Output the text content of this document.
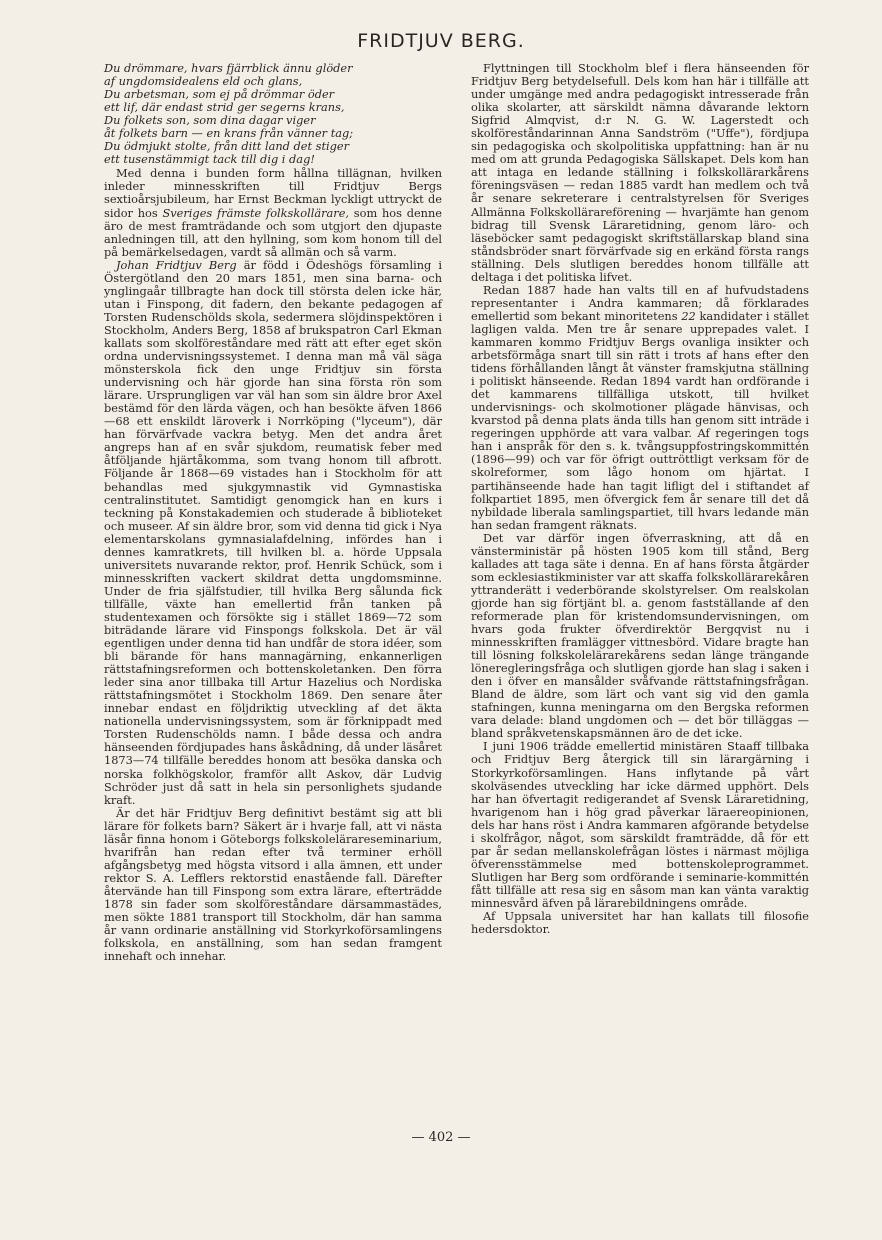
FRIDTJUV BERG.
Du drömmare, hvars fjärrblick ännu glöder
af ungdomsidealens eld och glans,
Du arbetsman, som ej på drömmar öder
ett lif, där endast strid ger segerns krans,
Du folkets son, som dina dagar viger
åt folkets barn — en krans från vänner tag;
Du ödmjukt stolte, från ditt land det stiger
ett tusenstämmigt tack till dig i dag!

Med denna i bunden form hållna tillägnan, hvilken inleder minnesskriften till Fridtjuv Bergs sextioårsjubileum, har Ernst Beckman lyckligt uttryckt de sidor hos Sveriges främste folkskollärare, som hos denne äro de mest framträdande och som utgjort den djupaste anledningen till, att den hyllning, som kom honom till del på bemärkelsedagen, vardt så allmän och så varm.

Johan Fridtjuv Berg är född i Ödeshögs församling i Östergötland den 20 mars 1851, men sina barna- och ynglingaår tillbragte han dock till största delen icke här, utan i Finspong, dit fadern, den bekante pedagogen af Torsten Rudenschölds skola, sedermera slöjdinspektören i Stockholm, Anders Berg, 1858 af brukspatron Carl Ekman kallats som skolföreståndare med rätt att efter eget skön ordna undervisningssystemet. I denna man må väl säga mönsterskola fick den unge Fridtjuv sin första undervisning och här gjorde han sina första rön som lärare. Ursprungligen var väl han som sin äldre bror Axel bestämd för den lärda vägen, och han besökte äfven 1866—68 ett enskildt läroverk i Norrköping ("lyceum"), där han förvärfvade vackra betyg. Men det andra året angreps han af en svår sjukdom, reumatisk feber med åtföljande hjärtåkomma, som tvang honom till afbrott. Följande år 1868—69 vistades han i Stockholm för att behandlas med sjukgymnastik vid Gymnastiska centralinstitutet. Samtidigt genomgick han en kurs i teckning på Konstakademien och studerade å biblioteket och museer. Af sin äldre bror, som vid denna tid gick i Nya elementarskolans gymnasialafdelning, infördes han i dennes kamratkrets, till hvilken bl. a. hörde Uppsala universitets nuvarande rektor, prof. Henrik Schück, som i minnesskriften vackert skildrat detta ungdomsminne. Under de fria själfstudier, till hvilka Berg sålunda fick tillfälle, växte han emellertid från tanken på studentexamen och försökte sig i stället 1869—72 som biträdande lärare vid Finspongs folkskola. Det är väl egentligen under denna tid han undfår de stora idéer, som bli bärande för hans mannagärning, enkannerligen rättstafningsreformen och bottenskoletanken. Den förra leder sina anor tillbaka till Artur Hazelius och Nordiska rättstafningsmötet i Stockholm 1869. Den senare åter innebar endast en följdriktig utveckling af det äkta nationella undervisningssystem, som är förknippadt med Torsten Rudenschölds namn. I både dessa och andra hänseenden fördjupades hans åskådning, då under läsåret 1873—74 tillfälle bereddes honom att besöka danska och norska folkhögskolor, framför allt Askov, där Ludvig Schröder just då satt in hela sin personlighets sjudande kraft.

Är det här Fridtjuv Berg definitivt bestämt sig att bli lärare för folkets barn? Säkert är i hvarje fall, att vi nästa läsår finna honom i Göteborgs folkskolelärareseminarium, hvarifrån han redan efter två terminer erhöll afgångsbetyg med högsta vitsord i alla ämnen, ett under rektor S. A. Lefflers rektorstid enastående fall. Därefter återvände han till Finspong som extra lärare, efterträdde 1878 sin fader som skolföreståndare därsammastädes, men sökte 1881 transport till Stockholm, där han samma år vann ordinarie anställning vid Storkyrkoförsamlingens folkskola, en anställning, som han sedan framgent innehaft och innehar.

Flyttningen till Stockholm blef i flera hänseenden för Fridtjuv Berg betydelsefull. Dels kom han här i tillfälle att under umgänge med andra pedagogiskt intresserade från olika skolarter, att särskildt nämna dåvarande lektorn Sigfrid Almqvist, d:r N. G. W. Lagerstedt och skolföreståndarinnan Anna Sandström ("Uffe"), fördjupa sin pedagogiska och skolpolitiska uppfattning: han är nu med om att grunda Pedagogiska Sällskapet. Dels kom han att intaga en ledande ställning i folkskollärarkårens föreningsväsen — redan 1885 vardt han medlem och två år senare sekreterare i centralstyrelsen för Sveriges Allmänna Folkskollärareförening — hvarjämte han genom bidrag till Svensk Läraretidning, genom läro- och läseböcker samt pedagogiskt skriftställarskap bland sina ståndsbröder snart förvärfvade sig en erkänd första rangs ställning. Dels slutligen bereddes honom tillfälle att deltaga i det politiska lifvet.

Redan 1887 hade han valts till en af hufvudstadens representanter i Andra kammaren; då förklarades emellertid som bekant minoritetens 22 kandidater i stället lagligen valda. Men tre år senare upprepades valet. I kammaren kommo Fridtjuv Bergs ovanliga insikter och arbetsförmåga snart till sin rätt i trots af hans efter den tidens förhållanden långt åt vänster framskjutna ställning i politiskt hänseende. Redan 1894 vardt han ordförande i det kammarens tillfälliga utskott, till hvilket undervisnings- och skolmotioner plägade hänvisas, och kvarstod på denna plats ända tills han genom sitt inträde i regeringen upphörde att vara valbar. Af regeringen togs han i anspråk för den s. k. tvångsuppfostringskommittén (1896—99) och var för öfrigt outtröttligt verksam för de skolreformer, som lågo honom om hjärtat. I partihänseende hade han tagit lifligt del i stiftandet af folkpartiet 1895, men öfvergick fem år senare till det då nybildade liberala samlingspartiet, till hvars ledande män han sedan framgent räknats.

Det var därför ingen öfverraskning, att då en vänsterministär på hösten 1905 kom till stånd, Berg kallades att taga säte i denna. En af hans första åtgärder som ecklesiastikminister var att skaffa folkskollärarekåren yttranderätt i vederbörande skolstyrelser. Om realskolan gjorde han sig förtjänt bl. a. genom fastställande af den reformerade plan för kristendomsundervisningen, om hvars goda frukter öfverdirektör Bergqvist nu i minnesskriften framlägger vittnesbörd. Vidare bragte han till lösning folkskolelärarekårens sedan länge trängande löneregleringsfråga och slutligen gjorde han slag i saken i den i öfver en mansålder svåfvande rättstafningsfrågan. Bland de äldre, som lärt och vant sig vid den gamla stafningen, kunna meningarna om den Bergska reformen vara delade: bland ungdomen och — det bör tilläggas — bland språkvetenskapsmännen äro de det icke.

I juni 1906 trädde emellertid ministären Staaff tillbaka och Fridtjuv Berg återgick till sin lärargärning i Storkyrkoförsamlingen. Hans inflytande på vårt skolväsendes utveckling har icke därmed upphört. Dels har han öfvertagit redigerandet af Svensk Läraretidning, hvarigenom han i hög grad påverkar läraereopinionen, dels har hans röst i Andra kammaren afgörande betydelse i skolfrågor, något, som särskildt framträdde, då för ett par år sedan mellanskolefrågan löstes i närmast möjliga öfverensstämmelse med bottenskoleprogrammet. Slutligen har Berg som ordförande i seminarie-kommittén fått tillfälle att resa sig en såsom man kan vänta varaktig minnesvård äfven på lärarebildningens område.

Af Uppsala universitet har han kallats till filosofie hedersdoktor.

— 402 —
